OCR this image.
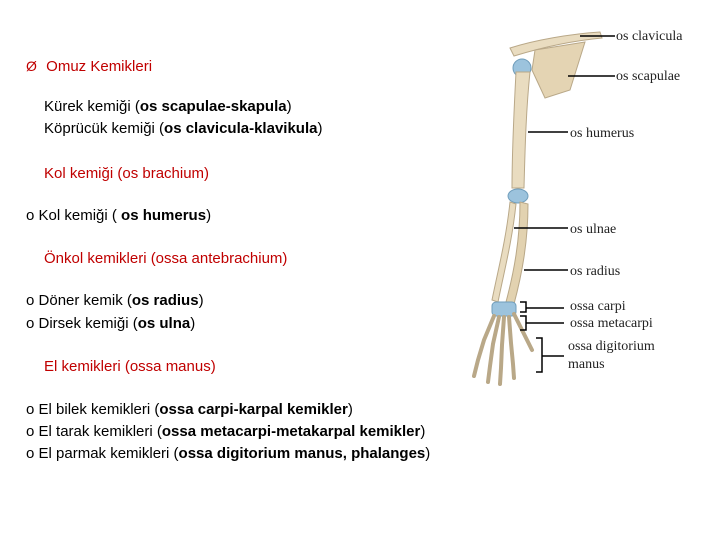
Ø Omuz Kemikleri
Kürek kemiği (os scapulae-skapula)
Köprücük kemiği (os clavicula-klavikula)
Kol kemiği (os brachium)
o Kol kemiği ( os humerus)
Önkol kemikleri (ossa antebrachium)
o Döner kemik (os radius)
o Dirsek kemiği (os ulna)
El kemikleri (ossa manus)
o El bilek kemikleri (ossa carpi-karpal kemikler)
o El tarak kemikleri (ossa metacarpi-metakarpal kemikler)
o El parmak kemikleri (ossa digitorium manus, phalanges)
os clavicula
os scapulae
os humerus
os ulnae
os radius
ossa carpi
ossa metacarpi
ossa digitorium
manus
